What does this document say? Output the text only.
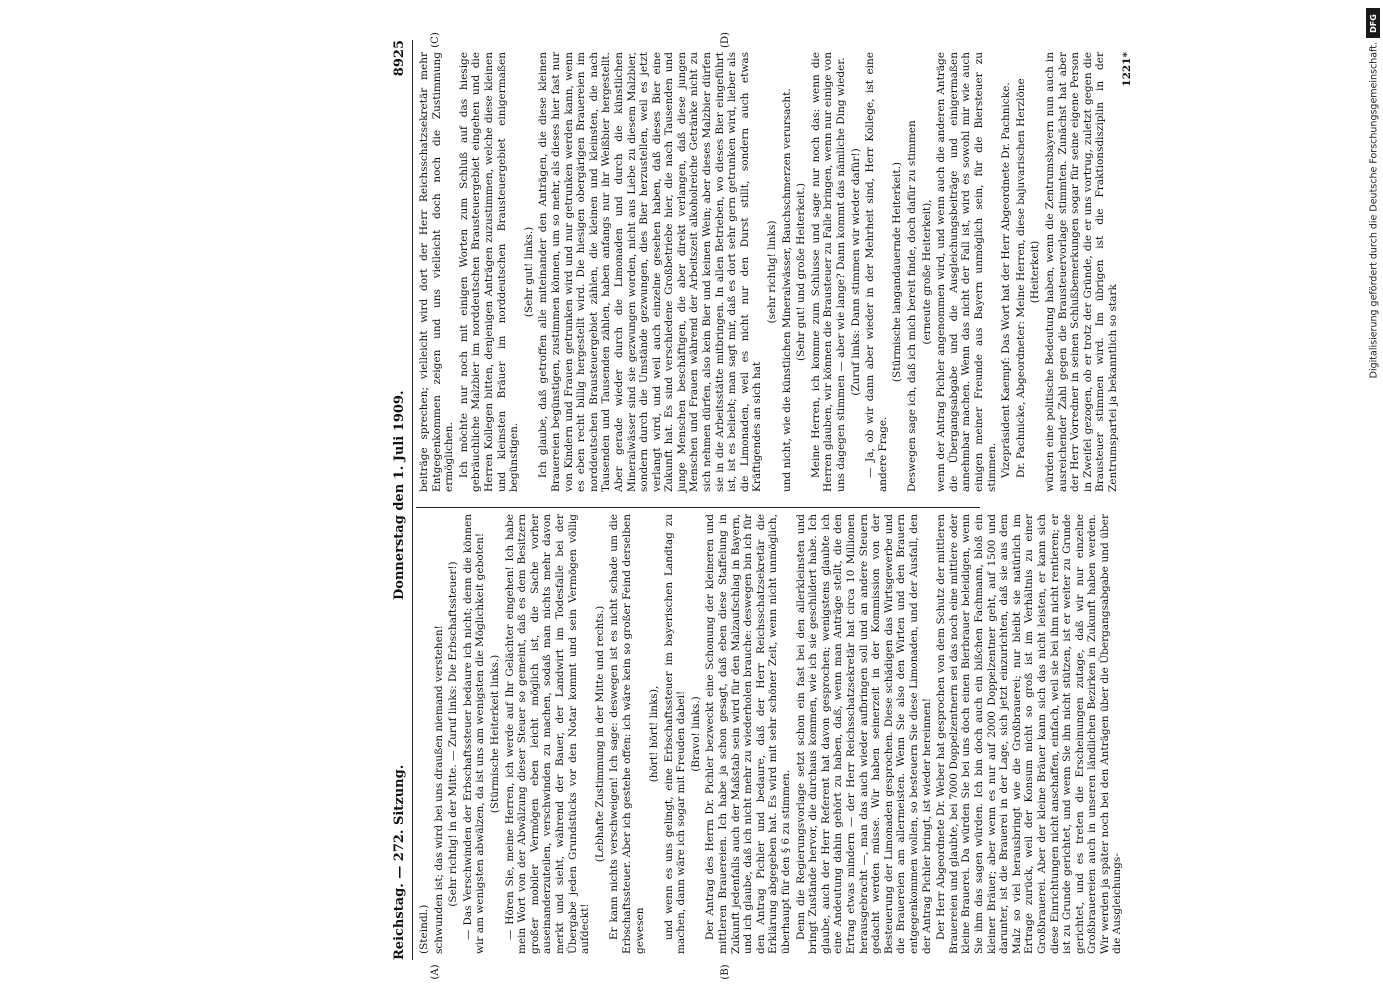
Reichstag. — 272. Sitzung.
Donnerstag den 1. Juli 1909.
8925
(A)	(B)
(C)	(D)

(Steindl.) schwunden ist; das wird bei uns draußen niemand verstehen! (Sehr richtig! in der Mitte. — Zuruf links: Die Erbschaftssteuer!) — Das Verschwinden der Erbschaftssteuer bedaure ich nicht; denn die können wir am wenigsten abwälzen, da ist uns am wenigsten die Möglichkeit geboten! (Stürmische Heiterkeit links.) — Hören Sie, meine Herren, ich werde auf Ihr Gelächter eingehen! Ich habe mein Wort von der Abwälzung dieser Steuer so gemeint, daß es dem Besitzern großer mobiler Vermögen eben leicht möglich ist, die Sache vorher auseinanderzuteilen, verschwinden zu machen, sodaß man nichts mehr davon merkt und sieht, während der Bauer, der Landwirt im Todesfalle bei der Übergabe jeden Grundstücks vor den Notar kommt und sein Vermögen völlig aufdeckt!

(Lebhafte Zustimmung in der Mitte und rechts.) Er kann nichts verschweigen! Ich sage: deswegen ist es nicht schade um die Erbschaftssteuer. Aber ich gestehe offen: ich wäre kein so großer Feind derselben gewesen

(hört! hört! links), und wenn es uns gelingt, eine Erbschaftssteuer im bayerischen Landtag zu machen, dann wäre ich sogar mit Freuden dabei! (Bravo! links.) Der Antrag des Herrn Dr. Pichler bezweckt eine Schonung der kleineren und mittleren Brauereien. Ich habe ja schon gesagt, daß eben diese Staffelung in Zukunft jedenfalls auch der Maßstab sein wird für den Malzaufschlag in Bayern, und ich glaube, daß ich nicht mehr zu wiederholen brauche: deswegen bin ich für den Antrag Pichler und bedaure, daß der Herr Reichsschatzsekretär die Erklärung abgegeben hat. Es wird mit sehr schöner Zeit, wenn nicht unmöglich, überhaupt für den § 6 zu stimmen. Denn die Regierungsvorlage setzt schon ein fast bei den allerkleinsten und bringt Zustände hervor, die durchaus kommen, wie ich sie geschildert habe. Ich glaube, auch der Herr Referent hat davon gesprochen; wenigstens glaubte ich eine Andeutung dahin gehört zu haben, daß, wenn man Anträge stellt, die den Ertrag etwas mindern — der Herr Reichsschatzsekretär hat circa 10 Millionen herausgebracht —, man das auch wieder aufbringen soll und an andere Steuern gedacht werden müsse. Wir haben seinerzeit in der Kommission von der Besteuerung der Limonaden gesprochen. Diese schädigen das Wirtsgewerbe und die Brauereien am allermeisten. Wenn Sie also den Wirten und den Brauern entgegenkommen wollen, so besteuern Sie diese Limonaden, und der Ausfall, den der Antrag Pichler bringt, ist wieder hereinnen! Der Herr Abgeordnete Dr. Weber hat gesprochen von dem Schutz der mittleren Brauereien und glaubte, bei 7000 Doppelzentnern sei das noch eine mittlere oder kleine Brauerei. Da würden Sie bei uns doch einen Bierbrauer beleidigen, wenn Sie ihm das sagen würden. Ich bin doch auch ein bißchen Fachmann, bloß ein kleiner Bräuer; aber wenn es nur auf 2000 Doppelzentner geht, auf 1500 und darunter, ist die Brauerei in der Lage, sich jetzt einzurichten, daß sie aus dem Malz so viel herausbringt wie die Großbrauerei; nur bleibt sie natürlich im Ertrage zurück, weil der Konsum nicht so groß ist im Verhältnis zu einer Großbrauerei. Aber der kleine Bräuer kann sich das nicht leisten, er kann sich diese Einrichtungen nicht anschaffen, einfach, weil sie bei ihm nicht rentieren; er ist zu Grunde gerichtet, und wenn Sie ihn nicht stützen, ist er weiter zu Grunde gerichtet, und es treten die Erscheinungen zutage, daß wir nur einzelne Großbrauereien auch in unseren ländlichen Bezirken in Zukunft haben werden. Wir werden ja später noch bei den Anträgen über die Übergangsabgabe und über die Ausgleichungs-

beiträge sprechen; vielleicht wird dort der Herr Reichsschatzsekretär mehr Entgegenkommen zeigen und uns vielleicht doch noch die Zustimmung ermöglichen. Ich möchte nur noch mit einigen Worten zum Schluß auf das hiesige gebräuchliche Malzbier im norddeutschen Brausteuergebiet eingehen und die Herren Kollegen bitten, denjenigen Anträgen zuzustimmen, welche diese kleinen und kleinsten Bräuer im norddeutschen Brausteuergebiet einigermaßen begünstigen.

(Sehr gut! links.) Ich glaube, daß getroffen alle miteinander den Anträgen, die diese kleinen Brauereien begünstigen, zustimmen können, um so mehr, als dieses hier fast nur von Kindern und Frauen getrunken wird und nur getrunken werden kann, wenn es eben recht billig hergestellt wird. Die hiesigen obergärigen Brauereien im norddeutschen Brausteuergebiet zählen, die kleinen und kleinsten, die nach Tausenden und Tausenden zählen, haben anfangs nur ihr Weißbier hergestellt. Aber gerade wieder durch die Limonaden und durch die künstlichen Mineralwässer sind sie gezwungen worden, nicht aus Liebe zu diesem Malzbier, sondern durch die Umstände gezwungen, dies Bier herzustellen, weil es jetzt verlangt wird, und weil auch einzelne gesehen haben, daß dieses Bier eine Zukunft hat. Es sind verschiedene Großbetriebe hier, die nach Tausenden und junge Menschen beschäftigen, die aber direkt verlangen, daß diese jungen Menschen und Frauen während der Arbeitszeit alkoholreiche Getränke nicht zu sich nehmen dürfen, also kein Bier und keinen Wein; aber dieses Malzbier dürfen sie in die Arbeitsstätte mitbringen. In allen Betrieben, wo dieses Bier eingeführt ist, ist es beliebt; man sagt mir, daß es dort sehr gern getrunken wird, lieber als die Limonaden, weil es nicht nur den Durst stillt, sondern auch etwas Kräftigendes an sich hat

(sehr richtig! links) und nicht, wie die künstlichen Mineralwässer, Bauchschmerzen verursacht. (Sehr gut! und große Heiterkeit.) Meine Herren, ich komme zum Schlusse und sage nur noch das: wenn die Herren glauben, wir können die Brausteuer zu Falle bringen, wenn nur einige von uns dagegen stimmen — aber wie lange? Dann kommt das nämliche Ding wieder. (Zuruf links: Dann stimmen wir wieder dafür!) — Ja, ob wir dann aber wieder in der Mehrheit sind, Herr Kollege, ist eine andere Frage.

(Stürmische langandauernde Heiterkeit.) Deswegen sage ich, daß ich mich bereit finde, doch dafür zu stimmen (erneute große Heiterkeit), wenn der Antrag Pichler angenommen wird, und wenn auch die anderen Anträge die Übergangsabgabe und die Ausgleichungsbeiträge und einigermaßen annehmbar machen. Wenn das nicht der Fall ist, wird es sowohl mir wie auch einigen meiner Freunde aus Bayern unmöglich sein, für die Biersteuer zu stimmen. Vizepräsident Kaempf: Das Wort hat der Herr Abgeordnete Dr. Pachnicke. Dr. Pachnicke, Abgeordneter: Meine Herren, diese bajuvarischen Herzlöne (Heiterkeit) würden eine politische Bedeutung haben, wenn die Zentrumsbayern nun auch in ausreichender Zahl gegen die Brausteuervorlage stimmten. Zunächst hat aber der Herr Vorredner in seinen Schlußbemerkungen sogar für seine eigene Person in Zweifel gezogen, ob er trotz der Gründe, die er uns vortrug, zuletzt gegen die Brausteuer stimmen wird. Im übrigen ist die Fraktionsdisziplin in der Zentrumspartei ja bekanntlich so stark

1221*

DFG
Digitalisierung gefördert durch die Deutsche Forschungsgemeinschaft.
